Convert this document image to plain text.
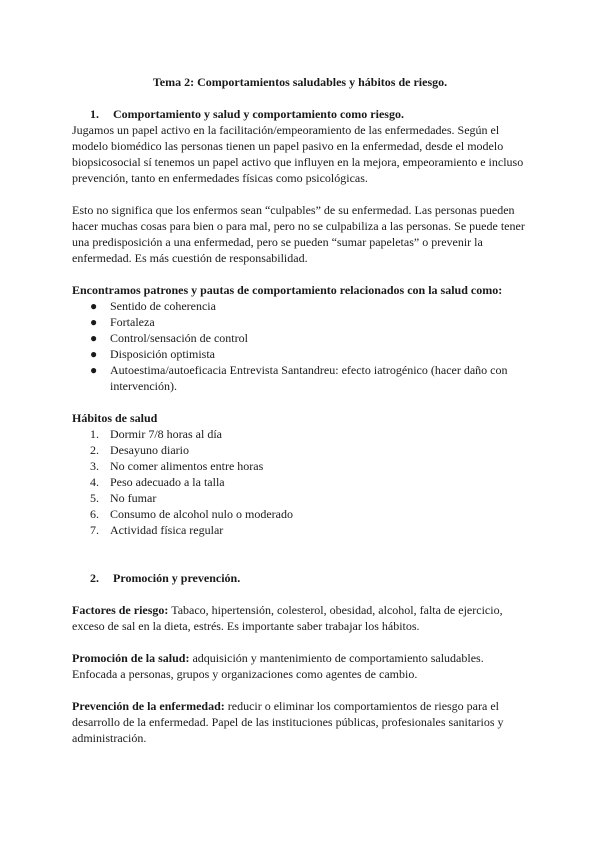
Tema 2: Comportamientos saludables y hábitos de riesgo.
1. Comportamiento y salud y comportamiento como riesgo.

Jugamos un papel activo en la facilitación/empeoramiento de las enfermedades. Según el modelo biomédico las personas tienen un papel pasivo en la enfermedad, desde el modelo biopsicosocial sí tenemos un papel activo que influyen en la mejora, empeoramiento e incluso prevención, tanto en enfermedades físicas como psicológicas.

Esto no significa que los enfermos sean “culpables” de su enfermedad. Las personas pueden hacer muchas cosas para bien o para mal, pero no se culpabiliza a las personas. Se puede tener una predisposición a una enfermedad, pero se pueden “sumar papeletas” o prevenir la enfermedad. Es más cuestión de responsabilidad.

Encontramos patrones y pautas de comportamiento relacionados con la salud como:
●	Sentido de coherencia
●	Fortaleza
●	Control/sensación de control
●	Disposición optimista
●	Autoestima/autoeficacia Entrevista Santandreu: efecto iatrogénico (hacer daño con intervención).
Hábitos de salud
1. Dormir 7/8 horas al día
2. Desayuno diario
3. No comer alimentos entre horas
4. Peso adecuado a la talla
5. No fumar
6. Consumo de alcohol nulo o moderado
7. Actividad física regular
2. Promoción y prevención.

Factores de riesgo: Tabaco, hipertensión, colesterol, obesidad, alcohol, falta de ejercicio, exceso de sal en la dieta, estrés. Es importante saber trabajar los hábitos.

Promoción de la salud: adquisición y mantenimiento de comportamiento saludables. Enfocada a personas, grupos y organizaciones como agentes de cambio.

Prevención de la enfermedad: reducir o eliminar los comportamientos de riesgo para el desarrollo de la enfermedad. Papel de las instituciones públicas, profesionales sanitarios y administración.
